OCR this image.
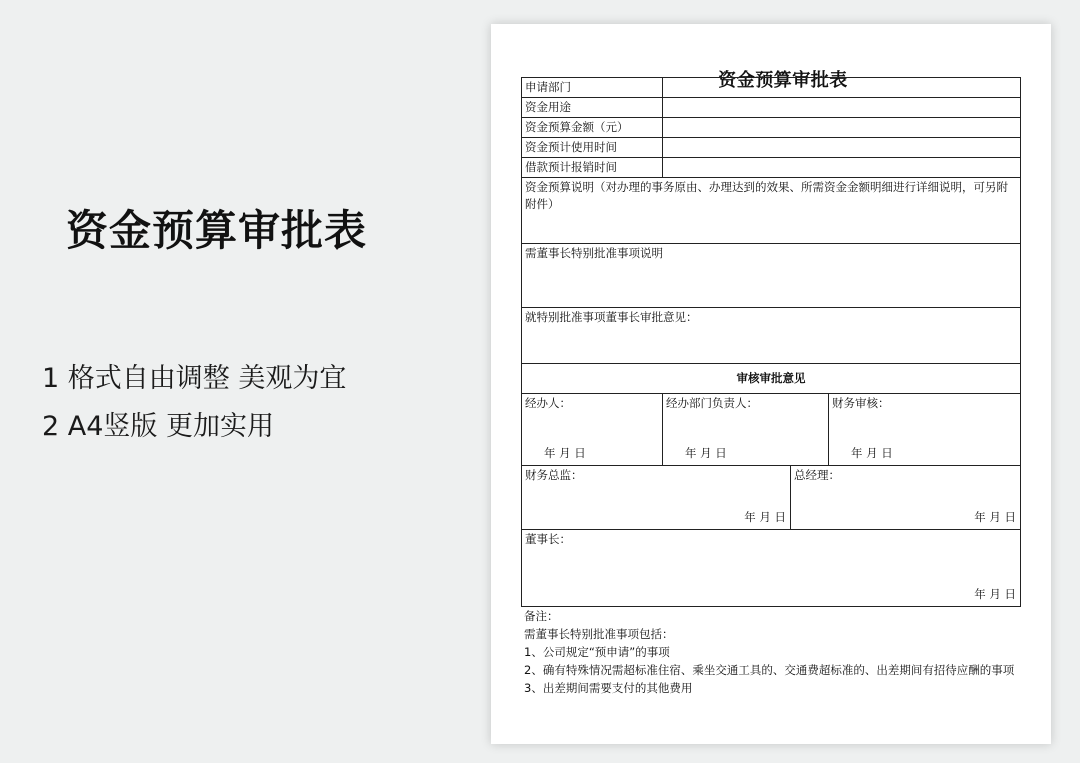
资金预算审批表
1 格式自由调整 美观为宜
2 A4竖版 更加实用
资金预算审批表
申请部门
资金用途
资金预算金额（元）
资金预计使用时间
借款预计报销时间
资金预算说明（对办理的事务原由、办理达到的效果、所需资金金额明细进行详细说明，可另附附件）
需董事长特别批准事项说明
就特别批准事项董事长审批意见：
审核审批意见
经办人：
年 月 日
经办部门负责人：
年 月 日
财务审核：
年 月 日
财务总监：
年 月 日
总经理：
年 月 日
董事长：
年 月 日
备注：
需董事长特别批准事项包括：
1、公司规定“预申请”的事项
2、确有特殊情况需超标准住宿、乘坐交通工具的、交通费超标准的、出差期间有招待应酬的事项
3、出差期间需要支付的其他费用
